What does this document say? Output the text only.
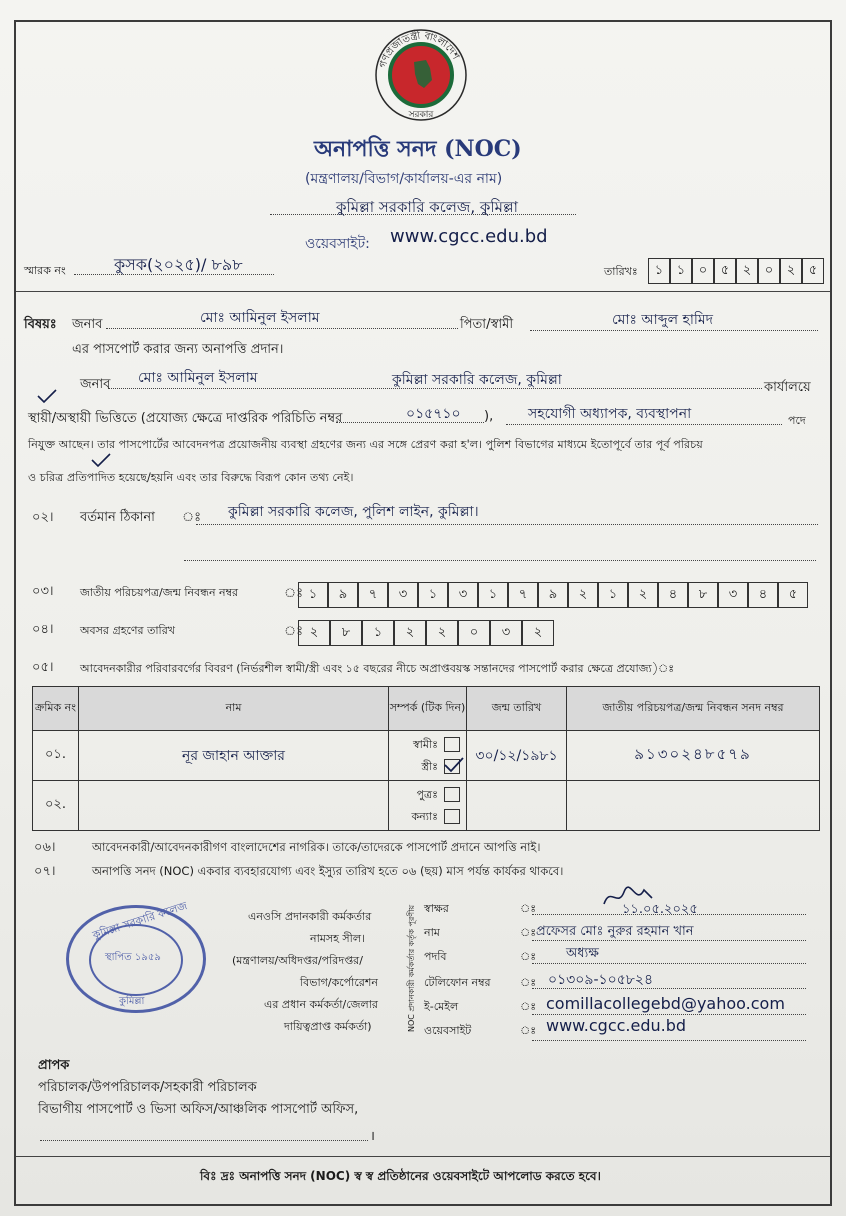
গণপ্রজাতন্ত্রী বাংলাদেশ
সরকার
অনাপত্তি সনদ (NOC)
(মন্ত্রণালয়/বিভাগ/কার্যালয়-এর নাম)
কুমিল্লা সরকারি কলেজ, কুমিল্লা
ওয়েবসাইট: www.cgcc.edu.bd
স্মারক নং	কুসক(২০২৫)/ ৮৯৮	তারিখঃ	১	১	০	৫	২	০	২	৫
বিষয়ঃ জনাব	মোঃ আমিনুল ইসলাম	পিতা/স্বামী	মোঃ আব্দুল হামিদ
এর পাসপোর্ট করার জন্য অনাপত্তি প্রদান।
জনাব মোঃ আমিনুল ইসলাম	কুমিল্লা সরকারি কলেজ, কুমিল্লা	কার্যালয়ে
স্থায়ী/অস্থায়ী ভিত্তিতে (প্রযোজ্য ক্ষেত্রে দাপ্তরিক পরিচিতি নম্বর	০১৫৭১০ ), সহযোগী অধ্যাপক, ব্যবস্থাপনা	পদে
নিযুক্ত আছেন। তার পাসপোর্টের আবেদনপত্র প্রয়োজনীয় ব্যবস্থা গ্রহণের জন্য এর সঙ্গে প্রেরণ করা হ'ল। পুলিশ বিভাগের মাধ্যমে ইতোপূর্বে তার পূর্ব পরিচয়
ও চরিত্র প্রতিপাদিত হয়েছে/হয়নি এবং তার বিরুদ্ধে বিরূপ কোন তথ্য নেই।
০২। বর্তমান ঠিকানা ঃ কুমিল্লা সরকারি কলেজ, পুলিশ লাইন, কুমিল্লা।
০৩। জাতীয় পরিচয়পত্র/জন্ম নিবন্ধন নম্বর	ঃ ১	৯	৭	৩	১	৩	১	৭	৯	২	১	২	৪	৮	৩	৪	৫
০৪। অবসর গ্রহণের তারিখ	ঃ ২	৮	১	২	২	০	৩	২
০৫। আবেদনকারীর পরিবারবর্গের বিবরণ (নির্ভরশীল স্বামী/স্ত্রী এবং ১৫ বছরের নীচে অপ্রাপ্তবয়স্ক সন্তানদের পাসপোর্ট করার ক্ষেত্রে প্রযোজ্য)ঃ
ক্রমিক নং	নাম	সম্পর্ক (টিক দিন)	জন্ম তারিখ	জাতীয় পরিচয়পত্র/জন্ম নিবন্ধন সনদ নম্বর
০১.	নূর জাহান আক্তার	স্বামীঃ
স্ত্রীঃ	৩০/১২/১৯৮১	৯১৩০২৪৮৫৭৯
০২.		পুত্রঃ
কন্যাঃ		

০৬।	আবেদনকারী/আবেদনকারীগণ বাংলাদেশের নাগরিক। তাকে/তাদেরকে পাসপোর্ট প্রদানে আপত্তি নাই।
০৭।	অনাপত্তি সনদ (NOC) একবার ব্যবহারযোগ্য এবং ইস্যুর তারিখ হতে ০৬ (ছয়) মাস পর্যন্ত কার্যকর থাকবে।
কুমিল্লা সরকারি কলেজ
স্থাপিত ১৯৫৯
কুমিল্লা
এনওসি প্রদানকারী কর্মকর্তার
নামসহ সীল।
(মন্ত্রণালয়/অধিদপ্তর/পরিদপ্তর/
বিভাগ/কর্পোরেশন
এর প্রধান কর্মকর্তা/জেলার
দায়িত্বপ্রাপ্ত কর্মকর্তা)	NOC প্রদানকারী কর্মকর্তার কর্তৃক পূরণীয় স্বাক্ষর	ঃ	১১.০৫.২০২৫
নাম	ঃ প্রফেসর মোঃ নুরুর রহমান খান
পদবি	ঃ অধ্যক্ষ
টেলিফোন নম্বর	ঃ ০১৩০৯-১০৫৮২৪
ই-মেইল	ঃ comillacollegebd@yahoo.com
ওয়েবসাইট	ঃ www.cgcc.edu.bd
প্রাপক
পরিচালক/উপপরিচালক/সহকারী পরিচালক
বিভাগীয় পাসপোর্ট ও ভিসা অফিস/আঞ্চলিক পাসপোর্ট অফিস,
।
বিঃ দ্রঃ অনাপত্তি সনদ (NOC) স্ব স্ব প্রতিষ্ঠানের ওয়েবসাইটে আপলোড করতে হবে।
